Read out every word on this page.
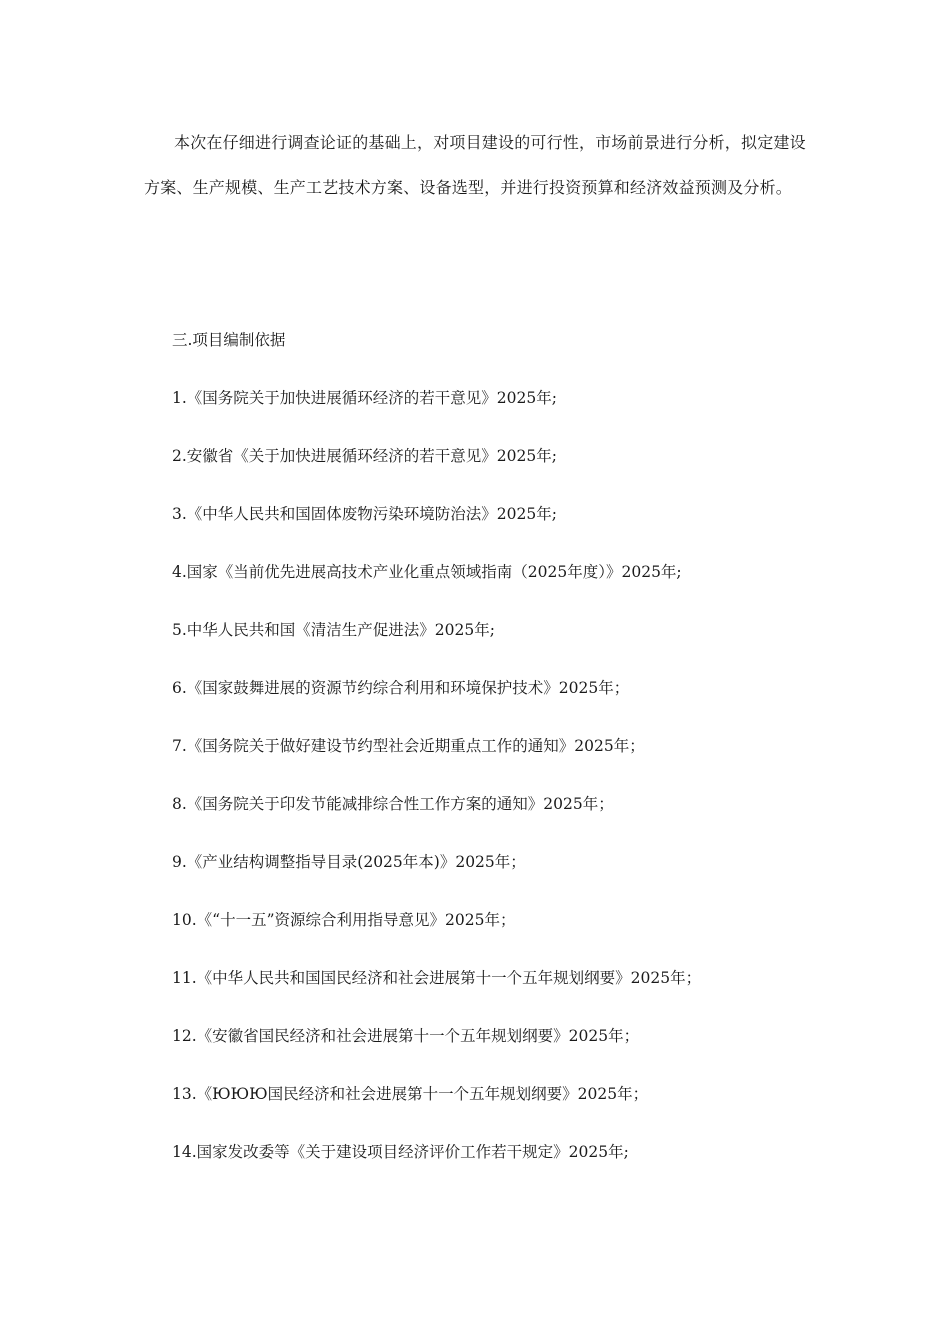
本次在仔细进行调查论证的基础上，对项目建设的可行性，市场前景进行分析，拟定建设方案、生产规模、生产工艺技术方案、设备选型，并进行投资预算和经济效益预测及分析。

三.项目编制依据

1.《国务院关于加快进展循环经济的若干意见》2025年;
2.安徽省《关于加快进展循环经济的若干意见》2025年;
3.《中华人民共和国固体废物污染环境防治法》2025年;
4.国家《当前优先进展高技术产业化重点领域指南（2025年度）》2025年;
5.中华人民共和国《清洁生产促进法》2025年;
6.《国家鼓舞进展的资源节约综合利用和环境保护技术》2025年；
7.《国务院关于做好建设节约型社会近期重点工作的通知》2025年；
8.《国务院关于印发节能减排综合性工作方案的通知》2025年；
9.《产业结构调整指导目录(2025年本)》2025年；
10.《“十一五”资源综合利用指导意见》2025年；
11.《中华人民共和国国民经济和社会进展第十一个五年规划纲要》2025年；
12.《安徽省国民经济和社会进展第十一个五年规划纲要》2025年；
13.《ЮЮЮ国民经济和社会进展第十一个五年规划纲要》2025年；
14.国家发改委等《关于建设项目经济评价工作若干规定》2025年;
